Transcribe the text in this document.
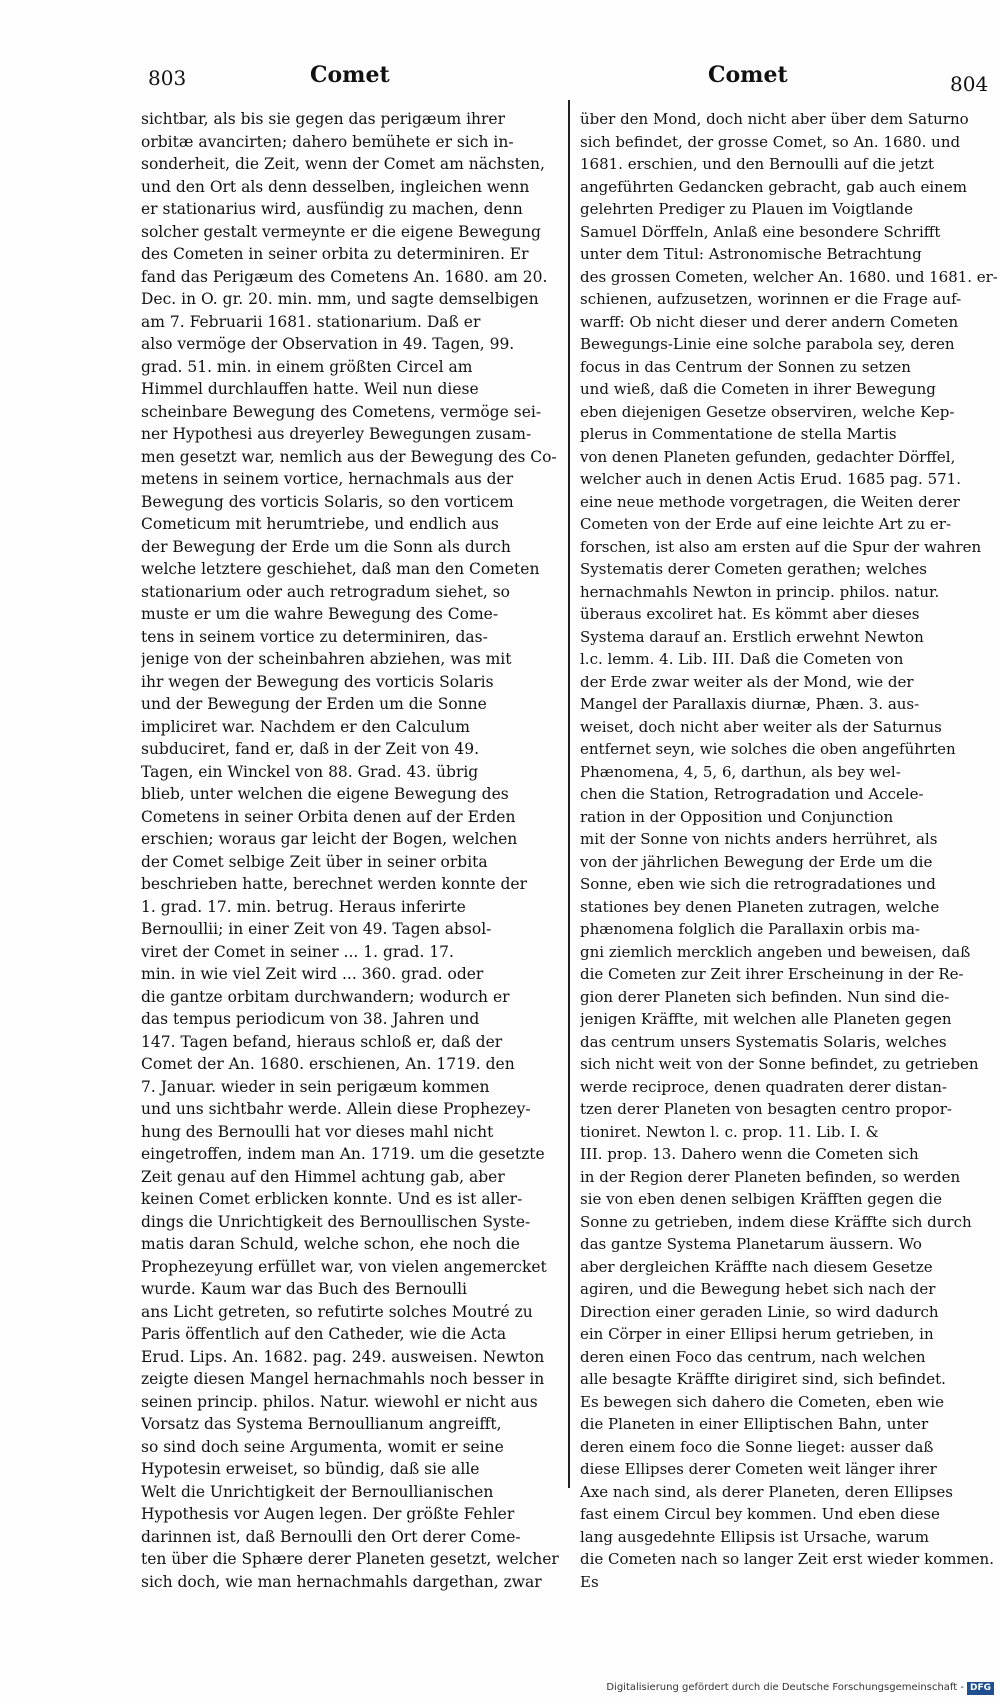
803	Comet	Comet	804
sichtbar, als bis sie gegen das perigæum ihrer
orbitæ avancirten; dahero bemühete er sich in-
sonderheit, die Zeit, wenn der Comet am nächsten,
und den Ort als denn desselben, ingleichen wenn
er stationarius wird, ausfündig zu machen, denn
solcher gestalt vermeynte er die eigene Bewegung
des Cometen in seiner orbita zu determiniren. Er
fand das Perigæum des Cometens An. 1680. am 20.
Dec. in O. gr. 20. min. mm, und sagte demselbigen
am 7. Februarii 1681. stationarium. Daß er
also vermöge der Observation in 49. Tagen, 99.
grad. 51. min. in einem größten Circel am
Himmel durchlauffen hatte. Weil nun diese
scheinbare Bewegung des Cometens, vermöge sei-
ner Hypothesi aus dreyerley Bewegungen zusam-
men gesetzt war, nemlich aus der Bewegung des Co-
metens in seinem vortice, hernachmals aus der
Bewegung des vorticis Solaris, so den vorticem
Cometicum mit herumtriebe, und endlich aus
der Bewegung der Erde um die Sonn als durch
welche letztere geschiehet, daß man den Cometen
stationarium oder auch retrogradum siehet, so
muste er um die wahre Bewegung des Come-
tens in seinem vortice zu determiniren, das-
jenige von der scheinbahren abziehen, was mit
ihr wegen der Bewegung des vorticis Solaris
und der Bewegung der Erden um die Sonne
impliciret war. Nachdem er den Calculum
subduciret, fand er, daß in der Zeit von 49.
Tagen, ein Winckel von 88. Grad. 43. übrig
blieb, unter welchen die eigene Bewegung des
Cometens in seiner Orbita denen auf der Erden
erschien; woraus gar leicht der Bogen, welchen
der Comet selbige Zeit über in seiner orbita
beschrieben hatte, berechnet werden konnte der
1. grad. 17. min. betrug. Heraus inferirte
Bernoullii; in einer Zeit von 49. Tagen absol-
viret der Comet in seiner ... 1. grad. 17.
min. in wie viel Zeit wird ... 360. grad. oder
die gantze orbitam durchwandern; wodurch er
das tempus periodicum von 38. Jahren und
147. Tagen befand, hieraus schloß er, daß der
Comet der An. 1680. erschienen, An. 1719. den
7. Januar. wieder in sein perigæum kommen
und uns sichtbahr werde. Allein diese Prophezey-
hung des Bernoulli hat vor dieses mahl nicht
eingetroffen, indem man An. 1719. um die gesetzte
Zeit genau auf den Himmel achtung gab, aber
keinen Comet erblicken konnte. Und es ist aller-
dings die Unrichtigkeit des Bernoullischen Syste-
matis daran Schuld, welche schon, ehe noch die
Prophezeyung erfüllet war, von vielen angemercket
wurde. Kaum war das Buch des Bernoulli
ans Licht getreten, so refutirte solches Moutré zu
Paris öffentlich auf den Catheder, wie die Acta
Erud. Lips. An. 1682. pag. 249. ausweisen. Newton
zeigte diesen Mangel hernachmahls noch besser in
seinen princip. philos. Natur. wiewohl er nicht aus
Vorsatz das Systema Bernoullianum angreifft,
so sind doch seine Argumenta, womit er seine
Hypotesin erweiset, so bündig, daß sie alle
Welt die Unrichtigkeit der Bernoullianischen
Hypothesis vor Augen legen. Der größte Fehler
darinnen ist, daß Bernoulli den Ort derer Come-
ten über die Sphære derer Planeten gesetzt, welcher
sich doch, wie man hernachmahls dargethan, zwar
über den Mond, doch nicht aber über dem Saturno
sich befindet, der grosse Comet, so An. 1680. und
1681. erschien, und den Bernoulli auf die jetzt
angeführten Gedancken gebracht, gab auch einem
gelehrten Prediger zu Plauen im Voigtlande
Samuel Dörffeln, Anlaß eine besondere Schrifft
unter dem Titul: Astronomische Betrachtung
des grossen Cometen, welcher An. 1680. und 1681. er-
schienen, aufzusetzen, worinnen er die Frage auf-
warff: Ob nicht dieser und derer andern Cometen
Bewegungs-Linie eine solche parabola sey, deren
focus in das Centrum der Sonnen zu setzen
und wieß, daß die Cometen in ihrer Bewegung
eben diejenigen Gesetze observiren, welche Kep-
plerus in Commentatione de stella Martis
von denen Planeten gefunden, gedachter Dörffel,
welcher auch in denen Actis Erud. 1685 pag. 571.
eine neue methode vorgetragen, die Weiten derer
Cometen von der Erde auf eine leichte Art zu er-
forschen, ist also am ersten auf die Spur der wahren
Systematis derer Cometen gerathen; welches
hernachmahls Newton in princip. philos. natur.
überaus excoliret hat. Es kömmt aber dieses
Systema darauf an. Erstlich erwehnt Newton
l.c. lemm. 4. Lib. III. Daß die Cometen von
der Erde zwar weiter als der Mond, wie der
Mangel der Parallaxis diurnæ, Phæn. 3. aus-
weiset, doch nicht aber weiter als der Saturnus
entfernet seyn, wie solches die oben angeführten
Phænomena, 4, 5, 6, darthun, als bey wel-
chen die Station, Retrogradation und Accele-
ration in der Opposition und Conjunction
mit der Sonne von nichts anders herrühret, als
von der jährlichen Bewegung der Erde um die
Sonne, eben wie sich die retrogradationes und
stationes bey denen Planeten zutragen, welche
phænomena folglich die Parallaxin orbis ma-
gni ziemlich mercklich angeben und beweisen, daß
die Cometen zur Zeit ihrer Erscheinung in der Re-
gion derer Planeten sich befinden. Nun sind die-
jenigen Kräffte, mit welchen alle Planeten gegen
das centrum unsers Systematis Solaris, welches
sich nicht weit von der Sonne befindet, zu getrieben
werde reciproce, denen quadraten derer distan-
tzen derer Planeten von besagten centro propor-
tioniret. Newton l. c. prop. 11. Lib. I. &
III. prop. 13. Dahero wenn die Cometen sich
in der Region derer Planeten befinden, so werden
sie von eben denen selbigen Kräfften gegen die
Sonne zu getrieben, indem diese Kräffte sich durch
das gantze Systema Planetarum äussern. Wo
aber dergleichen Kräffte nach diesem Gesetze
agiren, und die Bewegung hebet sich nach der
Direction einer geraden Linie, so wird dadurch
ein Cörper in einer Ellipsi herum getrieben, in
deren einen Foco das centrum, nach welchen
alle besagte Kräffte dirigiret sind, sich befindet.
Es bewegen sich dahero die Cometen, eben wie
die Planeten in einer Elliptischen Bahn, unter
deren einem foco die Sonne lieget: ausser daß
diese Ellipses derer Cometen weit länger ihrer
Axe nach sind, als derer Planeten, deren Ellipses
fast einem Circul bey kommen. Und eben diese
lang ausgedehnte Ellipsis ist Ursache, warum
die Cometen nach so langer Zeit erst wieder kommen.
Es
Digitalisierung gefördert durch die Deutsche Forschungsgemeinschaft - DFG
